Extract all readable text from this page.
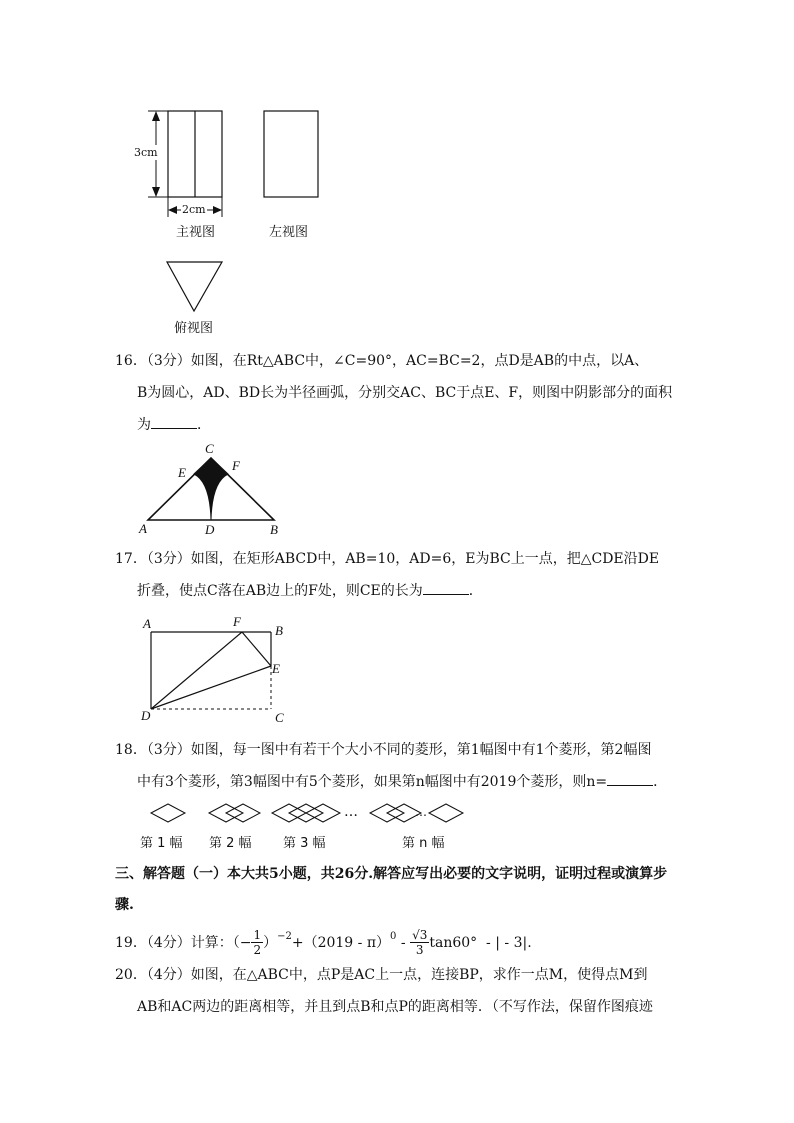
3cm
2cm
主视图	左视图
俯视图
16．（3分）如图，在Rt△ABC中，∠C=90°，AC=BC=2，点D是AB的中点，以A、
B为圆心，AD、BD长为半径画弧，分别交AC、BC于点E、F，则图中阴影部分的面积
为	．
C
E	F
A	D	B
17．（3分）如图，在矩形ABCD中，AB=10，AD=6，E为BC上一点，把△CDE沿DE
折叠，使点C落在AB边上的F处，则CE的长为	．
A	F
B
E
D	C
18．（3分）如图，每一图中有若干个大小不同的菱形，第1幅图中有1个菱形，第2幅图
中有3个菱形，第3幅图中有5个菱形，如果第n幅图中有2019个菱形，则n=	．
…	…
第 1 幅 第 2 幅 第 3 幅	第 n 幅
三、解答题（一）本大共5小题，共26分.解答应写出必要的文字说明，证明过程或演算步
骤.
19．（4分）计算：（− $\frac{1}{2} )^{-2} +(2019 - \pi)^0 - \frac{√3}{3} \tan 60^\circ$  - | - 3|.
20．（4分）如图，在△ABC中，点P是AC上一点，连接BP，求作一点M，使得点M到
AB和AC两边的距离相等，并且到点B和点P的距离相等．（不写作法，保留作图痕迹
